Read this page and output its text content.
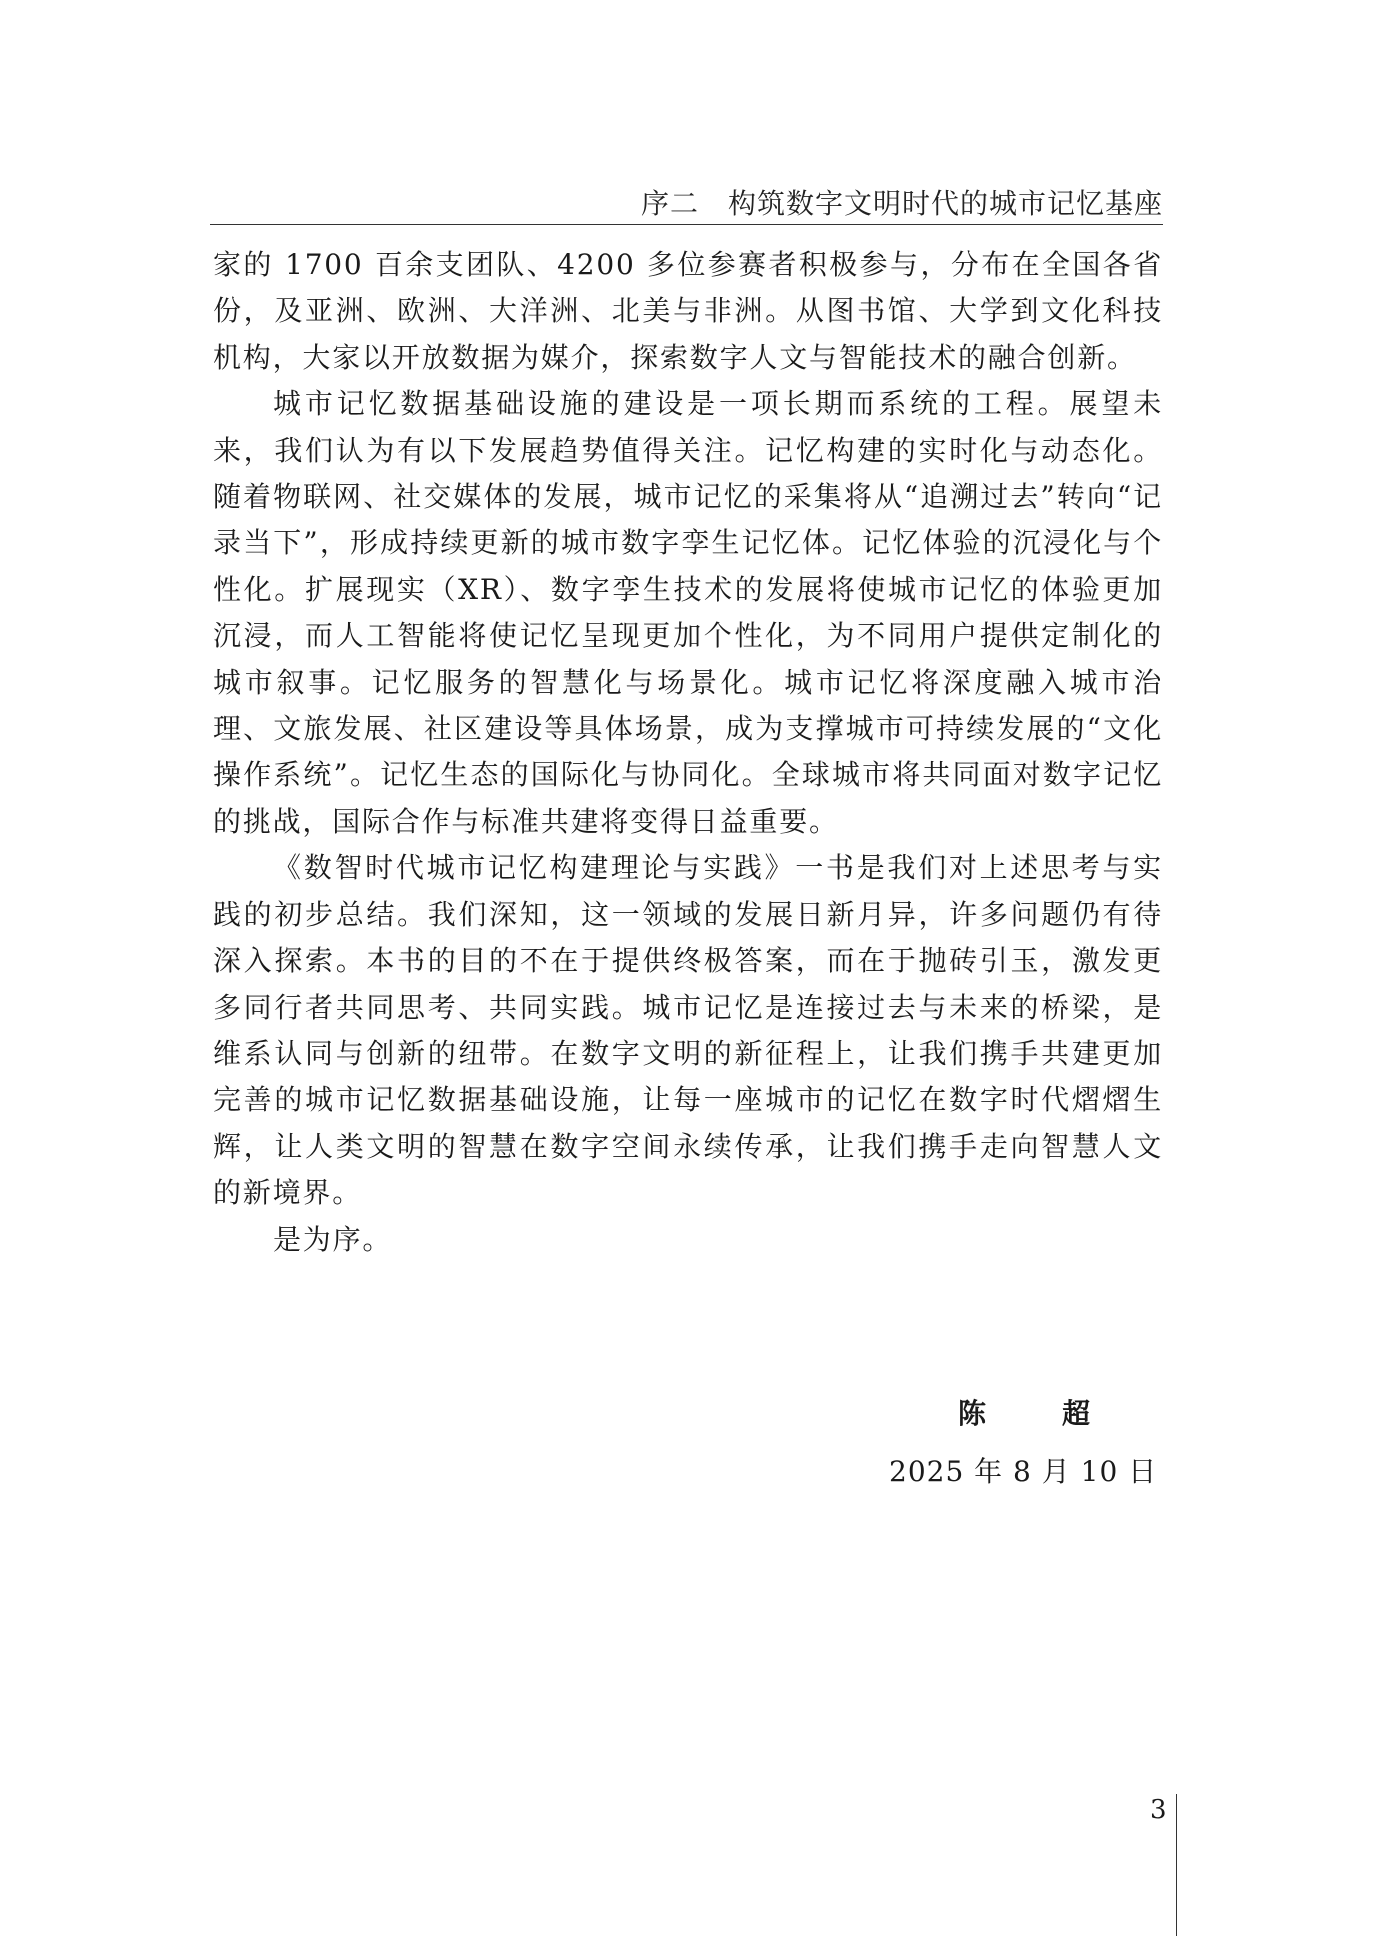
序二　构筑数字文明时代的城市记忆基座

家的 1700 百余支团队、4200 多位参赛者积极参与，分布在全国各省份，及亚洲、欧洲、大洋洲、北美与非洲。从图书馆、大学到文化科技机构，大家以开放数据为媒介，探索数字人文与智能技术的融合创新。

城市记忆数据基础设施的建设是一项长期而系统的工程。展望未来，我们认为有以下发展趋势值得关注。记忆构建的实时化与动态化。随着物联网、社交媒体的发展，城市记忆的采集将从“追溯过去”转向“记录当下”，形成持续更新的城市数字孪生记忆体。记忆体验的沉浸化与个性化。扩展现实（XR）、数字孪生技术的发展将使城市记忆的体验更加沉浸，而人工智能将使记忆呈现更加个性化，为不同用户提供定制化的城市叙事。记忆服务的智慧化与场景化。城市记忆将深度融入城市治理、文旅发展、社区建设等具体场景，成为支撑城市可持续发展的“文化操作系统”。记忆生态的国际化与协同化。全球城市将共同面对数字记忆的挑战，国际合作与标准共建将变得日益重要。

《数智时代城市记忆构建理论与实践》一书是我们对上述思考与实践的初步总结。我们深知，这一领域的发展日新月异，许多问题仍有待深入探索。本书的目的不在于提供终极答案，而在于抛砖引玉，激发更多同行者共同思考、共同实践。城市记忆是连接过去与未来的桥梁，是维系认同与创新的纽带。在数字文明的新征程上，让我们携手共建更加完善的城市记忆数据基础设施，让每一座城市的记忆在数字时代熠熠生辉，让人类文明的智慧在数字空间永续传承，让我们携手走向智慧人文的新境界。

是为序。

陈　超
2025 年 8 月 10 日
3
